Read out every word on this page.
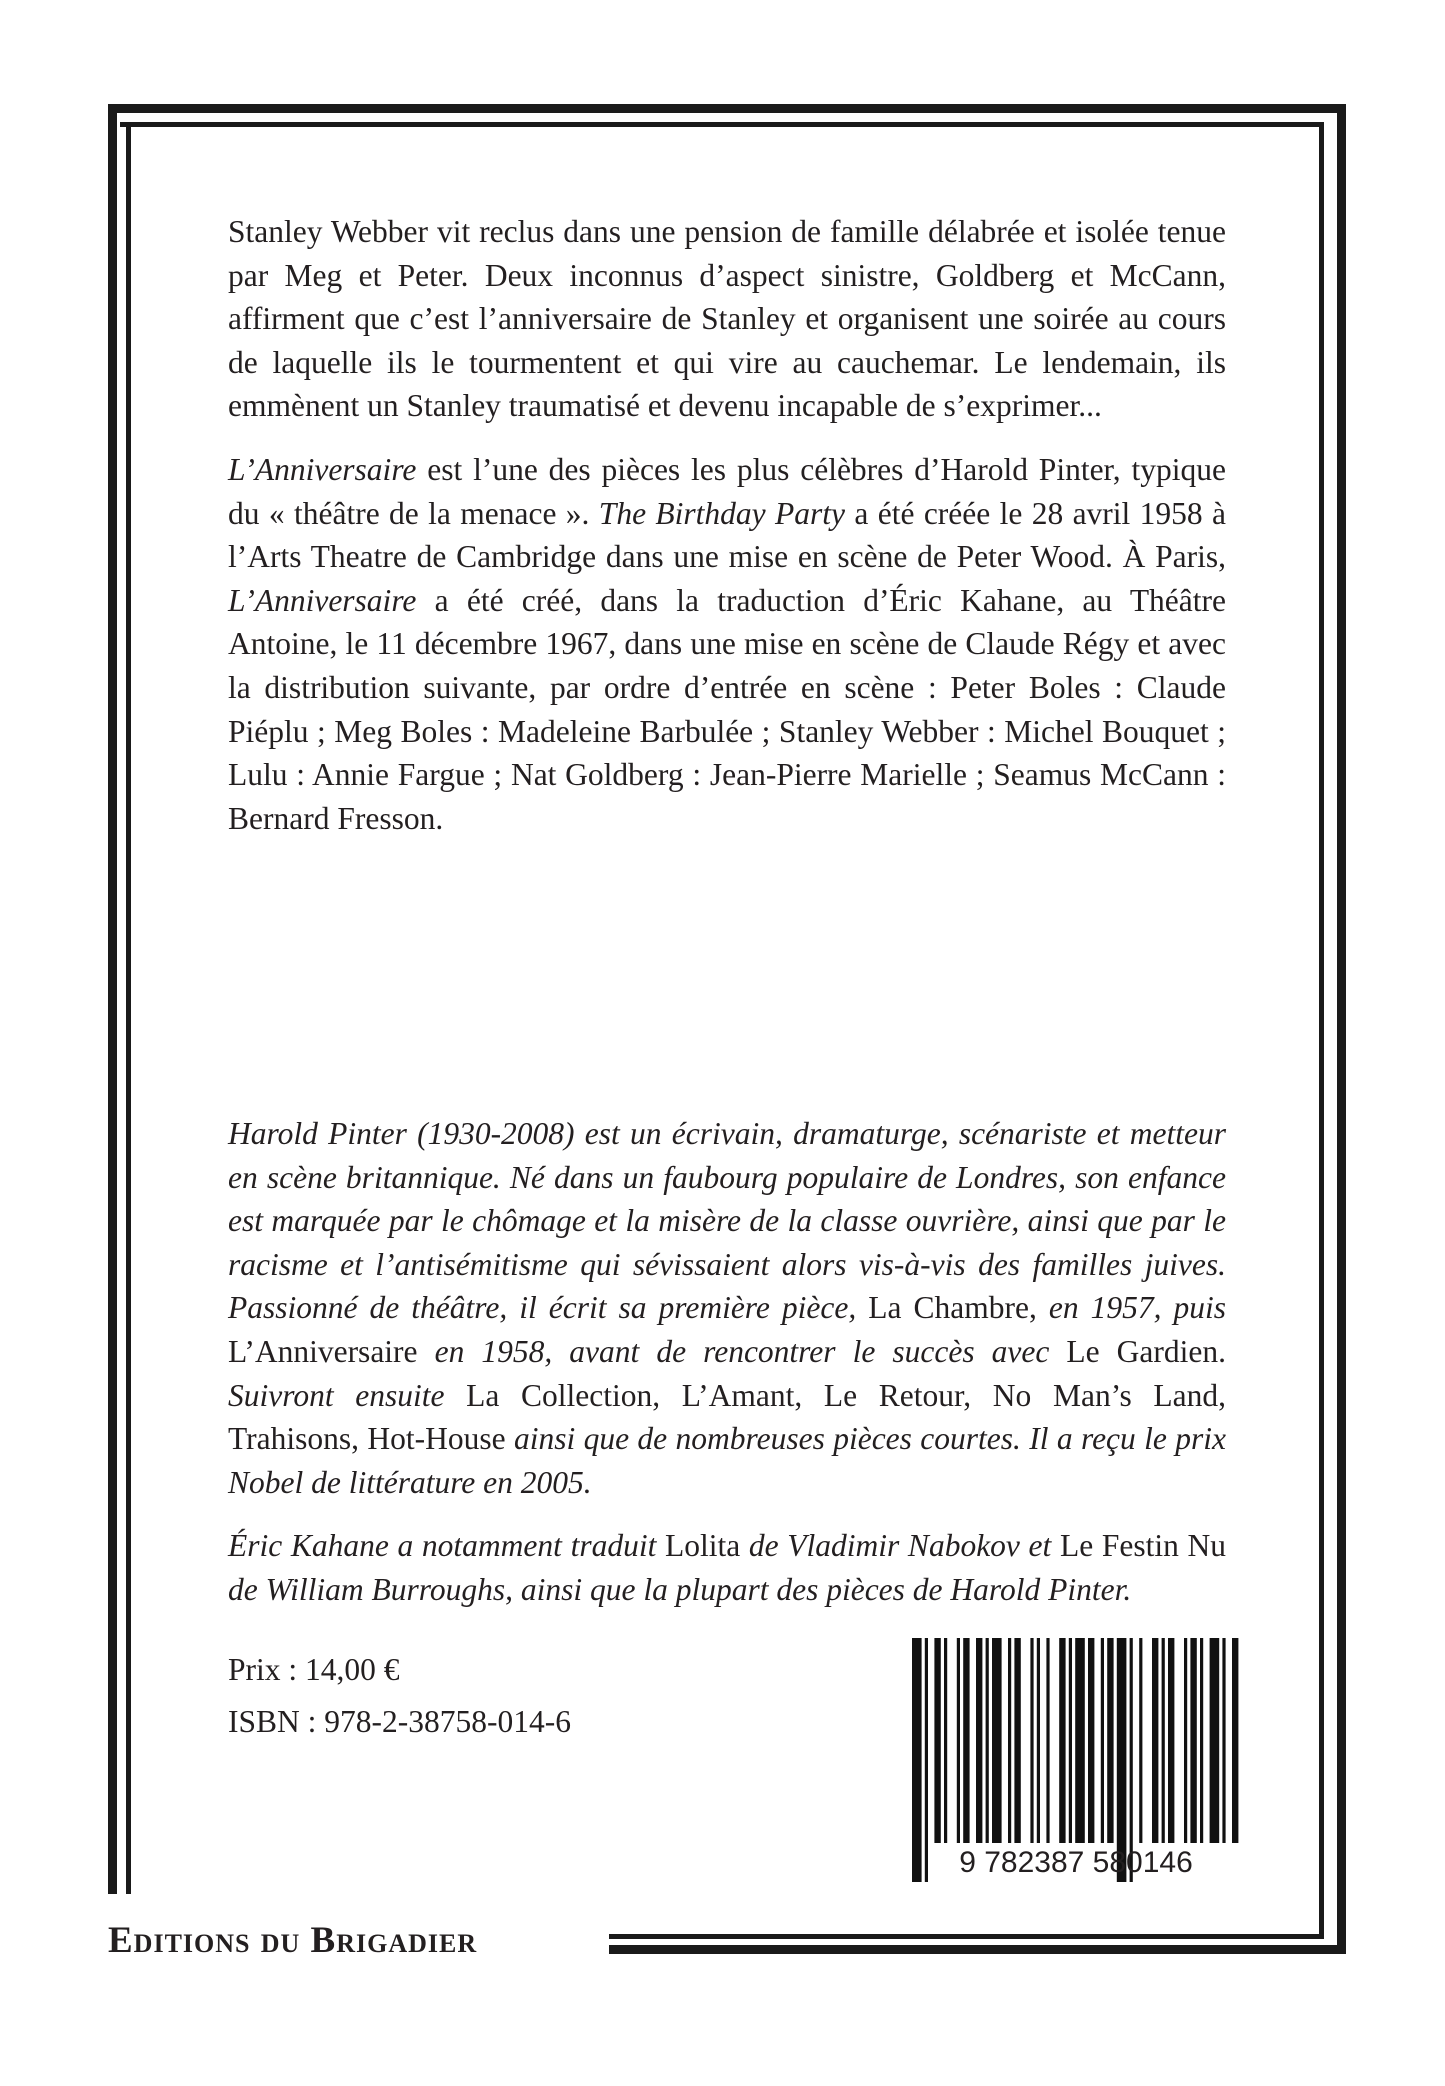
Stanley Webber vit reclus dans une pension de famille délabrée et isolée tenue par Meg et Peter. Deux inconnus d’aspect sinistre, Goldberg et McCann, affirment que c’est l’anniversaire de Stanley et organisent une soirée au cours de laquelle ils le tourmentent et qui vire au cauchemar. Le lendemain, ils emmènent un Stanley traumatisé et devenu incapable de s’exprimer...

L’Anniversaire est l’une des pièces les plus célèbres d’Harold Pinter, typique du « théâtre de la menace ». The Birthday Party a été créée le 28 avril 1958 à l’Arts Theatre de Cambridge dans une mise en scène de Peter Wood. À Paris, L’Anniversaire a été créé, dans la traduction d’Éric Kahane, au Théâtre Antoine, le 11 décembre 1967, dans une mise en scène de Claude Régy et avec la distribution suivante, par ordre d’entrée en scène : Peter Boles : Claude Piéplu ; Meg Boles : Madeleine Barbulée ; Stanley Webber : Michel Bouquet ; Lulu : Annie Fargue ; Nat Goldberg : Jean-Pierre Marielle ; Seamus McCann : Bernard Fresson.

Harold Pinter (1930-2008) est un écrivain, dramaturge, scénariste et metteur en scène britannique. Né dans un faubourg populaire de Londres, son enfance est marquée par le chômage et la misère de la classe ouvrière, ainsi que par le racisme et l’antisémitisme qui sévissaient alors vis-à-vis des familles juives. Passionné de théâtre, il écrit sa première pièce, La Chambre, en 1957, puis L’Anniversaire en 1958, avant de rencontrer le succès avec Le Gardien. Suivront ensuite La Collection, L’Amant, Le Retour, No Man’s Land, Trahisons, Hot-House ainsi que de nombreuses pièces courtes. Il a reçu le prix Nobel de littérature en 2005.

Éric Kahane a notamment traduit Lolita de Vladimir Nabokov et Le Festin Nu de William Burroughs, ainsi que la plupart des pièces de Harold Pinter.

Prix : 14,00 €
ISBN : 978-2-38758-014-6
9 782387 580146
Editions du Brigadier
